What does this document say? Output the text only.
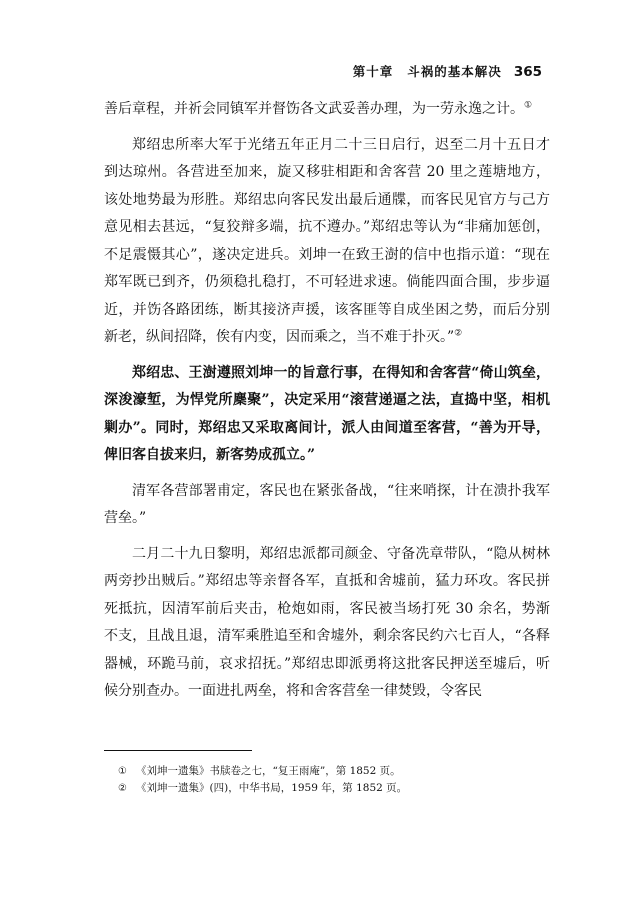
第十章 斗祸的基本解决 365

善后章程，并祈会同镇军并督饬各文武妥善办理，为一劳永逸之计。①

郑绍忠所率大军于光绪五年正月二十三日启行，迟至二月十五日才到达琼州。各营进至加来，旋又移驻相距和舍客营 20 里之莲塘地方，该处地势最为形胜。郑绍忠向客民发出最后通牒，而客民见官方与己方意见相去甚远，“复狡辩多端，抗不遵办。”郑绍忠等认为“非痛加惩创，不足震慑其心”，遂决定进兵。刘坤一在致王澍的信中也指示道：“现在郑军既已到齐，仍须稳扎稳打，不可轻进求速。倘能四面合围，步步逼近，并饬各路团练，断其接济声援，该客匪等自成坐困之势，而后分别新老，纵间招降，俟有内变，因而乘之，当不难于扑灭。”②

郑绍忠、王澍遵照刘坤一的旨意行事，在得知和舍客营“倚山筑垒，深浚濠堑，为悍党所麇聚”，决定采用“滚营递逼之法，直捣中坚，相机剿办”。同时，郑绍忠又采取离间计，派人由间道至客营，“善为开导，俾旧客自拔来归，新客势成孤立。”

清军各营部署甫定，客民也在紧张备战，“往来哨探，计在溃扑我军营垒。”

二月二十九日黎明，郑绍忠派都司颜金、守备冼章带队，“隐从树林两旁抄出贼后。”郑绍忠等亲督各军，直抵和舍墟前，猛力环攻。客民拼死抵抗，因清军前后夹击，枪炮如雨，客民被当场打死 30 余名，势渐不支，且战且退，清军乘胜追至和舍墟外，剩余客民约六七百人，“各释器械，环跪马前，哀求招抚。”郑绍忠即派勇将这批客民押送至墟后，听候分别查办。一面进扎两垒，将和舍客营垒一律焚毁，令客民

① 《刘坤一遗集》书牍卷之七，“复王雨庵”，第 1852 页。
② 《刘坤一遗集》(四)，中华书局，1959 年，第 1852 页。
